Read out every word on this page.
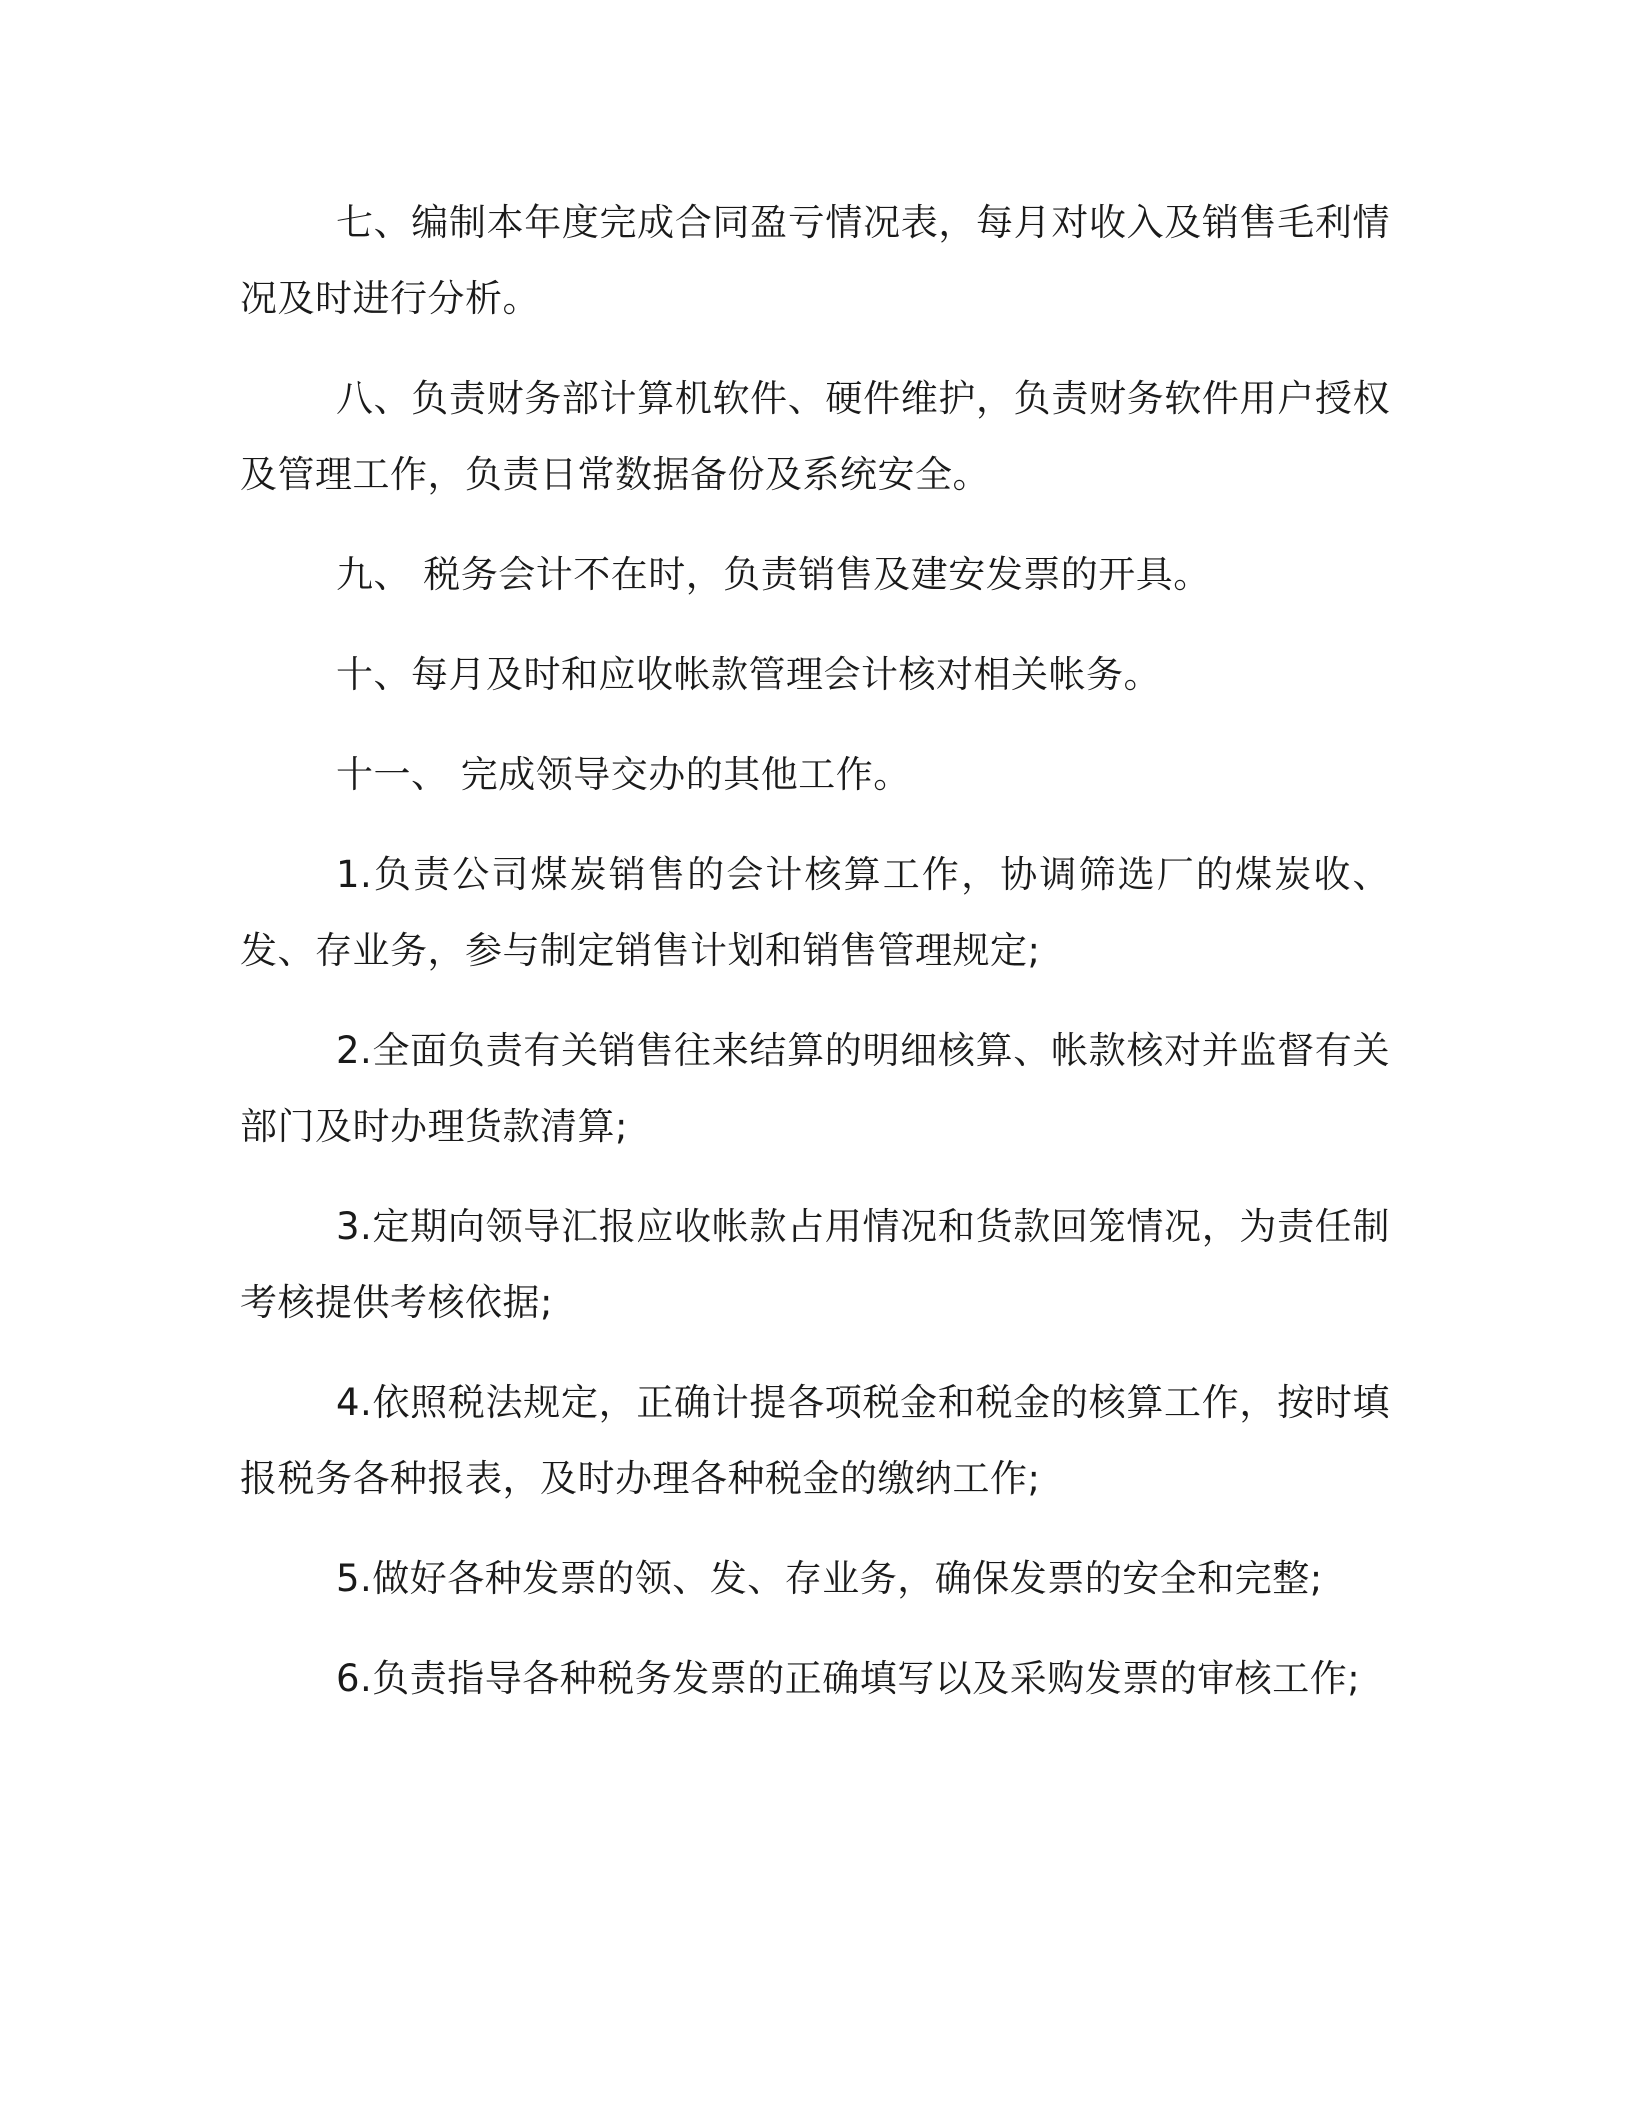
七、编制本年度完成合同盈亏情况表，每月对收入及销售毛利情况及时进行分析。

八、负责财务部计算机软件、硬件维护，负责财务软件用户授权及管理工作，负责日常数据备份及系统安全。

九、 税务会计不在时，负责销售及建安发票的开具。

十、每月及时和应收帐款管理会计核对相关帐务。

十一、 完成领导交办的其他工作。

1.负责公司煤炭销售的会计核算工作，协调筛选厂的煤炭收、发、存业务，参与制定销售计划和销售管理规定;

2.全面负责有关销售往来结算的明细核算、帐款核对并监督有关部门及时办理货款清算;

3.定期向领导汇报应收帐款占用情况和货款回笼情况，为责任制考核提供考核依据;

4.依照税法规定，正确计提各项税金和税金的核算工作，按时填报税务各种报表，及时办理各种税金的缴纳工作;

5.做好各种发票的领、发、存业务，确保发票的安全和完整;

6.负责指导各种税务发票的正确填写以及采购发票的审核工作;
